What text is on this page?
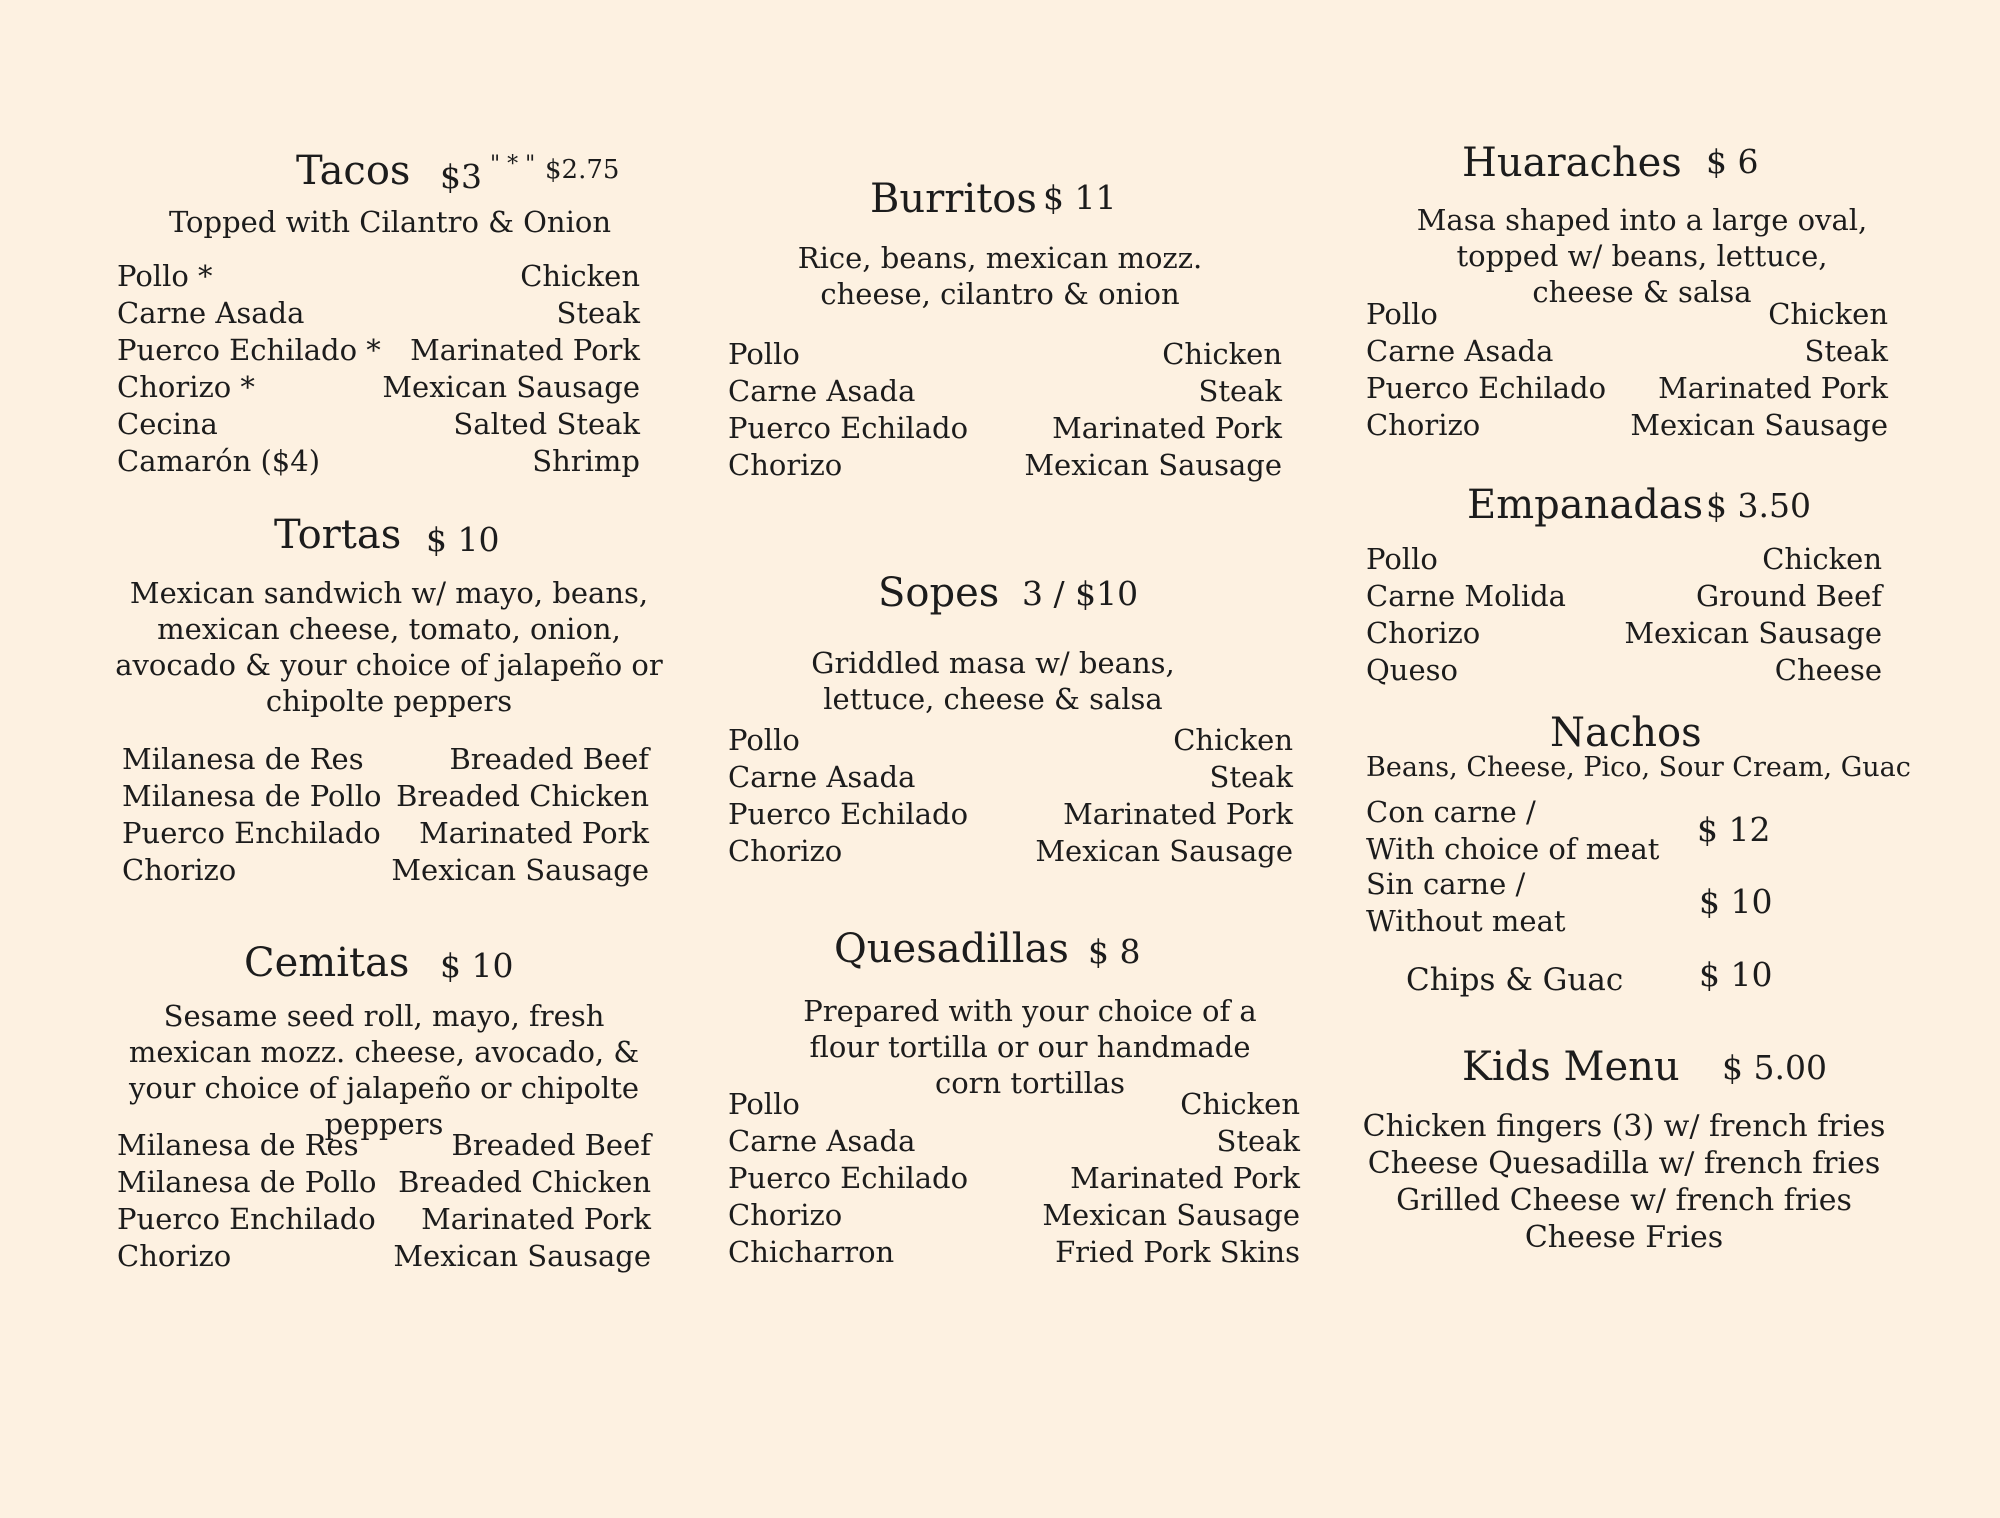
Tacos $3 " * " $2.75
Topped with Cilantro & Onion
Pollo *	Chicken
Carne Asada	Steak
Puerco Echilado * Marinated Pork
Chorizo *	Mexican Sausage
Cecina	Salted Steak
Camarón ($4)	Shrimp
Tortas $ 10
Mexican sandwich w/ mayo, beans, mexican cheese, tomato, onion, avocado & your choice of jalapeño or chipolte peppers
Milanesa de Res	Breaded Beef
Milanesa de Pollo Breaded Chicken
Puerco Enchilado Marinated Pork
Chorizo	Mexican Sausage
Cemitas $ 10
Sesame seed roll, mayo, fresh mexican mozz. cheese, avocado, & your choice of jalapeño or chipolte peppers
Milanesa de Res	Breaded Beef
Milanesa de Pollo Breaded Chicken
Puerco Enchilado Marinated Pork
Chorizo	Mexican Sausage
Burritos $ 11
Rice, beans, mexican mozz. cheese, cilantro & onion
Pollo	Chicken
Carne Asada	Steak
Puerco Echilado	Marinated Pork
Chorizo	Mexican Sausage
Sopes 3 / $10
Griddled masa w/ beans, lettuce, cheese & salsa
Pollo	Chicken
Carne Asada	Steak
Puerco Echilado	Marinated Pork
Chorizo	Mexican Sausage
Quesadillas $ 8
Prepared with your choice of a flour tortilla or our handmade corn tortillas
Pollo	Chicken
Carne Asada	Steak
Puerco Echilado	Marinated Pork
Chorizo	Mexican Sausage
Chicharron	Fried Pork Skins
Huaraches $ 6
Masa shaped into a large oval, topped w/ beans, lettuce, cheese & salsa
Pollo	Chicken
Carne Asada	Steak
Puerco Echilado Marinated Pork
Chorizo	Mexican Sausage
Empanadas $ 3.50
Pollo	Chicken
Carne Molida	Ground Beef
Chorizo	Mexican Sausage
Queso	Cheese
Nachos
Beans, Cheese, Pico, Sour Cream, Guac
Con carne /
With choice of meat $ 12
Sin carne /
Without meat	$ 10
Chips & Guac $ 10
Kids Menu $ 5.00
Chicken fingers (3) w/ french fries
Cheese Quesadilla w/ french fries
Grilled Cheese w/ french fries
Cheese Fries
